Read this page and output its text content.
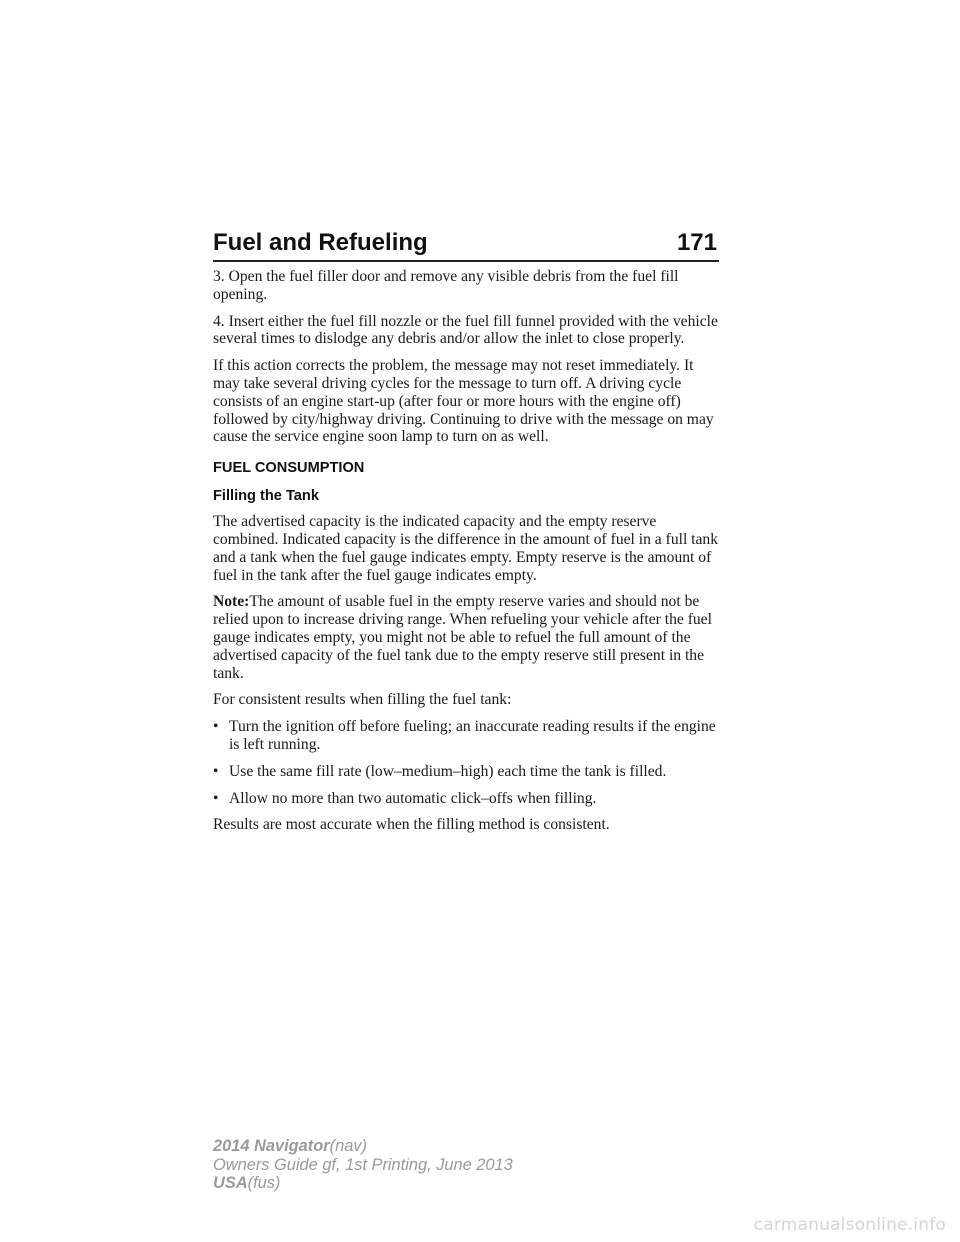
Fuel and Refueling	171

3. Open the fuel filler door and remove any visible debris from the fuel fill opening.

4. Insert either the fuel fill nozzle or the fuel fill funnel provided with the vehicle several times to dislodge any debris and/or allow the inlet to close properly.

If this action corrects the problem, the message may not reset immediately. It may take several driving cycles for the message to turn off. A driving cycle consists of an engine start-up (after four or more hours with the engine off) followed by city/highway driving. Continuing to drive with the message on may cause the service engine soon lamp to turn on as well.

FUEL CONSUMPTION
Filling the Tank

The advertised capacity is the indicated capacity and the empty reserve combined. Indicated capacity is the difference in the amount of fuel in a full tank and a tank when the fuel gauge indicates empty. Empty reserve is the amount of fuel in the tank after the fuel gauge indicates empty.

Note:The amount of usable fuel in the empty reserve varies and should not be relied upon to increase driving range. When refueling your vehicle after the fuel gauge indicates empty, you might not be able to refuel the full amount of the advertised capacity of the fuel tank due to the empty reserve still present in the tank.

For consistent results when filling the fuel tank:

• Turn the ignition off before fueling; an inaccurate reading results if the engine is left running.
• Use the same fill rate (low–medium–high) each time the tank is filled.
• Allow no more than two automatic click–offs when filling.

Results are most accurate when the filling method is consistent.

2014 Navigator(nav)
Owners Guide gf, 1st Printing, June 2013
USA(fus)
carmanualsonline.info
